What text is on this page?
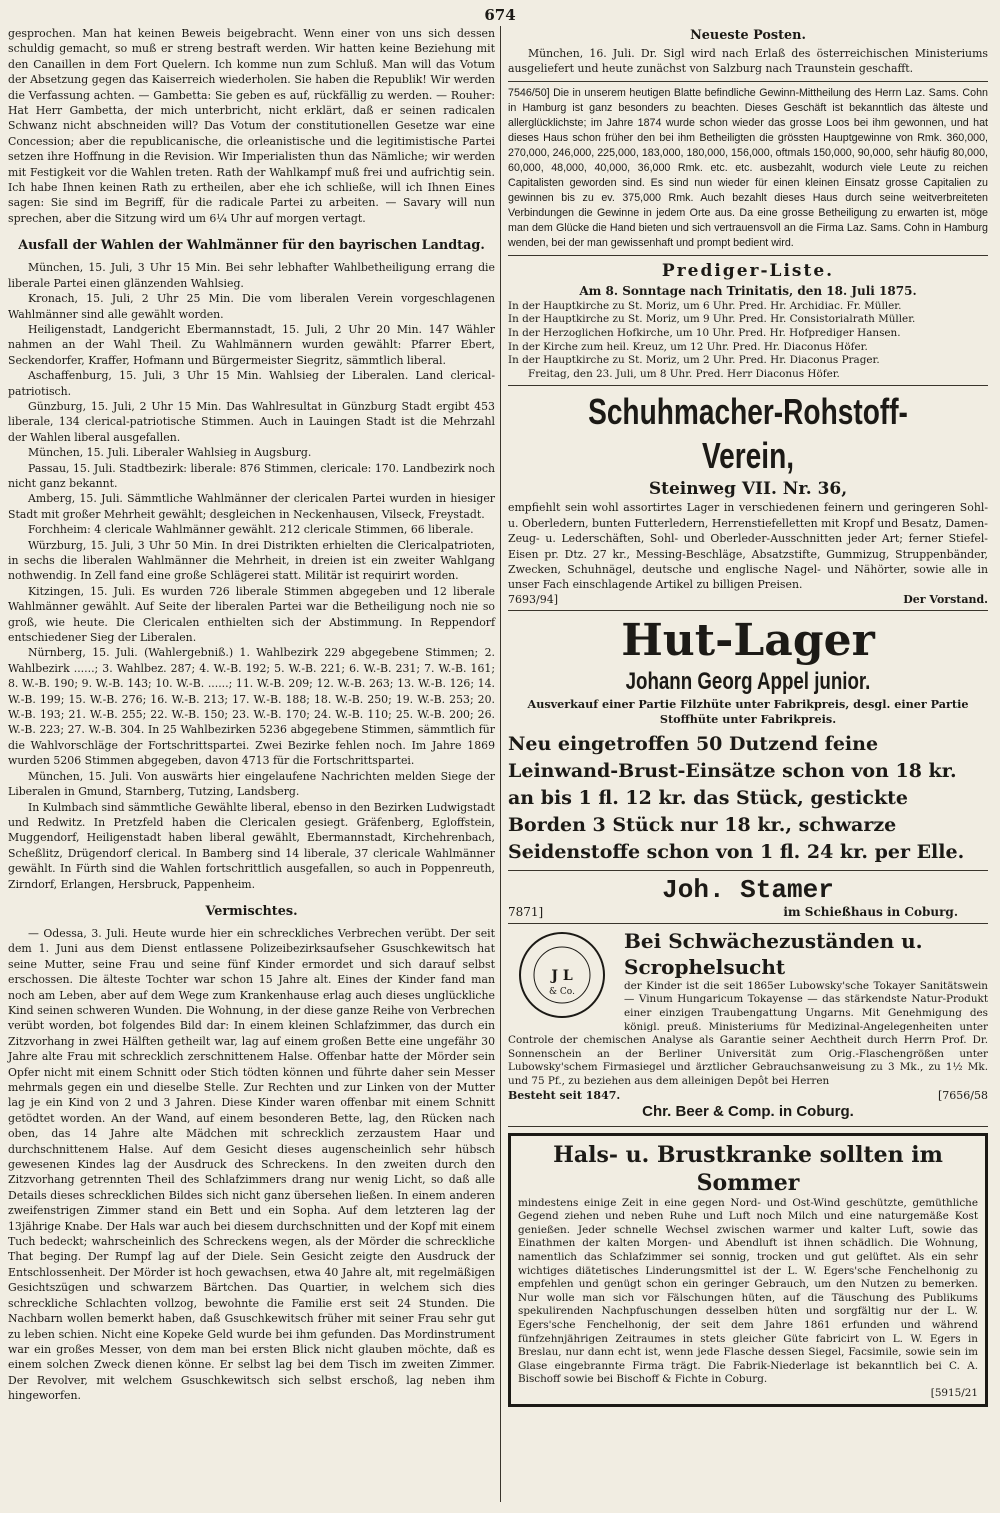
674

gesprochen. Man hat keinen Beweis beigebracht. Wenn einer von uns sich dessen schuldig gemacht, so muß er streng bestraft werden. Wir hatten keine Beziehung mit den Canaillen in dem Fort Quelern. Ich komme nun zum Schluß. Man will das Votum der Absetzung gegen das Kaiserreich wiederholen. Sie haben die Republik! Wir werden die Verfassung achten. — Gambetta: Sie geben es auf, rückfällig zu werden. — Rouher: Hat Herr Gambetta, der mich unterbricht, nicht erklärt, daß er seinen radicalen Schwanz nicht abschneiden will? Das Votum der constitutionellen Gesetze war eine Concession; aber die republicanische, die orleanistische und die legitimistische Partei setzen ihre Hoffnung in die Revision. Wir Imperialisten thun das Nämliche; wir werden mit Festigkeit vor die Wahlen treten. Rath der Wahlkampf muß frei und aufrichtig sein. Ich habe Ihnen keinen Rath zu ertheilen, aber ehe ich schließe, will ich Ihnen Eines sagen: Sie sind im Begriff, für die radicale Partei zu arbeiten. — Savary will nun sprechen, aber die Sitzung wird um 6¼ Uhr auf morgen vertagt.

Ausfall der Wahlen der Wahlmänner für den bayrischen Landtag.

München, 15. Juli, 3 Uhr 15 Min. Bei sehr lebhafter Wahlbetheiligung errang die liberale Partei einen glänzenden Wahlsieg.

Kronach, 15. Juli, 2 Uhr 25 Min. Die vom liberalen Verein vorgeschlagenen Wahlmänner sind alle gewählt worden.

Heiligenstadt, Landgericht Ebermannstadt, 15. Juli, 2 Uhr 20 Min. 147 Wähler nahmen an der Wahl Theil. Zu Wahlmännern wurden gewählt: Pfarrer Ebert, Seckendorfer, Kraffer, Hofmann und Bürgermeister Siegritz, sämmtlich liberal.

Aschaffenburg, 15. Juli, 3 Uhr 15 Min. Wahlsieg der Liberalen. Land clerical-patriotisch.

Günzburg, 15. Juli, 2 Uhr 15 Min. Das Wahlresultat in Günzburg Stadt ergibt 453 liberale, 134 clerical-patriotische Stimmen. Auch in Lauingen Stadt ist die Mehrzahl der Wahlen liberal ausgefallen.

München, 15. Juli. Liberaler Wahlsieg in Augsburg.

Passau, 15. Juli. Stadtbezirk: liberale: 876 Stimmen, clericale: 170. Landbezirk noch nicht ganz bekannt.

Amberg, 15. Juli. Sämmtliche Wahlmänner der clericalen Partei wurden in hiesiger Stadt mit großer Mehrheit gewählt; desgleichen in Neckenhausen, Vilseck, Freystadt.

Forchheim: 4 clericale Wahlmänner gewählt. 212 clericale Stimmen, 66 liberale.

Würzburg, 15. Juli, 3 Uhr 50 Min. In drei Distrikten erhielten die Clericalpatrioten, in sechs die liberalen Wahlmänner die Mehrheit, in dreien ist ein zweiter Wahlgang nothwendig. In Zell fand eine große Schlägerei statt. Militär ist requirirt worden.

Kitzingen, 15. Juli. Es wurden 726 liberale Stimmen abgegeben und 12 liberale Wahlmänner gewählt. Auf Seite der liberalen Partei war die Betheiligung noch nie so groß, wie heute. Die Clericalen enthielten sich der Abstimmung. In Reppendorf entschiedener Sieg der Liberalen.

Nürnberg, 15. Juli. (Wahlergebniß.) 1. Wahlbezirk 229 abgegebene Stimmen; 2. Wahlbezirk ......; 3. Wahlbez. 287; 4. W.-B. 192; 5. W.-B. 221; 6. W.-B. 231; 7. W.-B. 161; 8. W.-B. 190; 9. W.-B. 143; 10. W.-B. ......; 11. W.-B. 209; 12. W.-B. 263; 13. W.-B. 126; 14. W.-B. 199; 15. W.-B. 276; 16. W.-B. 213; 17. W.-B. 188; 18. W.-B. 250; 19. W.-B. 253; 20. W.-B. 193; 21. W.-B. 255; 22. W.-B. 150; 23. W.-B. 170; 24. W.-B. 110; 25. W.-B. 200; 26. W.-B. 223; 27. W.-B. 304. In 25 Wahlbezirken 5236 abgegebene Stimmen, sämmtlich für die Wahlvorschläge der Fortschrittspartei. Zwei Bezirke fehlen noch. Im Jahre 1869 wurden 5206 Stimmen abgegeben, davon 4713 für die Fortschrittspartei.

München, 15. Juli. Von auswärts hier eingelaufene Nachrichten melden Siege der Liberalen in Gmund, Starnberg, Tutzing, Landsberg.

In Kulmbach sind sämmtliche Gewählte liberal, ebenso in den Bezirken Ludwigstadt und Redwitz. In Pretzfeld haben die Clericalen gesiegt. Gräfenberg, Egloffstein, Muggendorf, Heiligenstadt haben liberal gewählt, Ebermannstadt, Kirchehrenbach, Scheßlitz, Drügendorf clerical. In Bamberg sind 14 liberale, 37 clericale Wahlmänner gewählt. In Fürth sind die Wahlen fortschrittlich ausgefallen, so auch in Poppenreuth, Zirndorf, Erlangen, Hersbruck, Pappenheim.

Vermischtes.

— Odessa, 3. Juli. Heute wurde hier ein schreckliches Verbrechen verübt. Der seit dem 1. Juni aus dem Dienst entlassene Polizeibezirksaufseher Gsuschkewitsch hat seine Mutter, seine Frau und seine fünf Kinder ermordet und sich darauf selbst erschossen. Die älteste Tochter war schon 15 Jahre alt. Eines der Kinder fand man noch am Leben, aber auf dem Wege zum Krankenhause erlag auch dieses unglückliche Kind seinen schweren Wunden. Die Wohnung, in der diese ganze Reihe von Verbrechen verübt worden, bot folgendes Bild dar: In einem kleinen Schlafzimmer, das durch ein Zitzvorhang in zwei Hälften getheilt war, lag auf einem großen Bette eine ungefähr 30 Jahre alte Frau mit schrecklich zerschnittenem Halse. Offenbar hatte der Mörder sein Opfer nicht mit einem Schnitt oder Stich tödten können und führte daher sein Messer mehrmals gegen ein und dieselbe Stelle. Zur Rechten und zur Linken von der Mutter lag je ein Kind von 2 und 3 Jahren. Diese Kinder waren offenbar mit einem Schnitt getödtet worden. An der Wand, auf einem besonderen Bette, lag, den Rücken nach oben, das 14 Jahre alte Mädchen mit schrecklich zerzaustem Haar und durchschnittenem Halse. Auf dem Gesicht dieses augenscheinlich sehr hübsch gewesenen Kindes lag der Ausdruck des Schreckens. In den zweiten durch den Zitzvorhang getrennten Theil des Schlafzimmers drang nur wenig Licht, so daß alle Details dieses schrecklichen Bildes sich nicht ganz übersehen ließen. In einem anderen zweifenstrigen Zimmer stand ein Bett und ein Sopha. Auf dem letzteren lag der 13jährige Knabe. Der Hals war auch bei diesem durchschnitten und der Kopf mit einem Tuch bedeckt; wahrscheinlich des Schreckens wegen, als der Mörder die schreckliche That beging. Der Rumpf lag auf der Diele. Sein Gesicht zeigte den Ausdruck der Entschlossenheit. Der Mörder ist hoch gewachsen, etwa 40 Jahre alt, mit regelmäßigen Gesichtszügen und schwarzem Bärtchen. Das Quartier, in welchem sich dies schreckliche Schlachten vollzog, bewohnte die Familie erst seit 24 Stunden. Die Nachbarn wollen bemerkt haben, daß Gsuschkewitsch früher mit seiner Frau sehr gut zu leben schien. Nicht eine Kopeke Geld wurde bei ihm gefunden. Das Mordinstrument war ein großes Messer, von dem man bei ersten Blick nicht glauben möchte, daß es einem solchen Zweck dienen könne. Er selbst lag bei dem Tisch im zweiten Zimmer. Der Revolver, mit welchem Gsuschkewitsch sich selbst erschoß, lag neben ihm hingeworfen.

Neueste Posten.

München, 16. Juli. Dr. Sigl wird nach Erlaß des österreichischen Ministeriums ausgeliefert und heute zunächst von Salzburg nach Traunstein geschafft.

7546/50] Die in unserem heutigen Blatte befindliche Gewinn-Mittheilung des Herrn Laz. Sams. Cohn in Hamburg ist ganz besonders zu beachten. Dieses Geschäft ist bekanntlich das älteste und allerglücklichste; im Jahre 1874 wurde schon wieder das grosse Loos bei ihm gewonnen, und hat dieses Haus schon früher den bei ihm Betheiligten die grössten Hauptgewinne von Rmk. 360,000, 270,000, 246,000, 225,000, 183,000, 180,000, 156,000, oftmals 150,000, 90,000, sehr häufig 80,000, 60,000, 48,000, 40,000, 36,000 Rmk. etc. etc. ausbezahlt, wodurch viele Leute zu reichen Capitalisten geworden sind. Es sind nun wieder für einen kleinen Einsatz grosse Capitalien zu gewinnen bis zu ev. 375,000 Rmk. Auch bezahlt dieses Haus durch seine weitverbreiteten Verbindungen die Gewinne in jedem Orte aus. Da eine grosse Betheiligung zu erwarten ist, möge man dem Glücke die Hand bieten und sich vertrauensvoll an die Firma Laz. Sams. Cohn in Hamburg wenden, bei der man gewissenhaft und prompt bedient wird.

Prediger-Liste.
Am 8. Sonntage nach Trinitatis, den 18. Juli 1875.

In der Hauptkirche zu St. Moriz, um 6 Uhr. Pred. Hr. Archidiac. Fr. Müller.

In der Hauptkirche zu St. Moriz, um 9 Uhr. Pred. Hr. Consistorialrath Müller.

In der Herzoglichen Hofkirche, um 10 Uhr. Pred. Hr. Hofprediger Hansen.

In der Kirche zum heil. Kreuz, um 12 Uhr. Pred. Hr. Diaconus Höfer.

In der Hauptkirche zu St. Moriz, um 2 Uhr. Pred. Hr. Diaconus Prager.

Freitag, den 23. Juli, um 8 Uhr. Pred. Herr Diaconus Höfer.

Schuhmacher-Rohstoff-Verein,
Steinweg VII. Nr. 36,

empfiehlt sein wohl assortirtes Lager in verschiedenen feinern und geringeren Sohl- u. Oberledern, bunten Futterledern, Herrenstiefelletten mit Kropf und Besatz, Damen-Zeug- u. Lederschäften, Sohl- und Oberleder-Ausschnitten jeder Art; ferner Stiefel-Eisen pr. Dtz. 27 kr., Messing-Beschläge, Absatzstifte, Gummizug, Struppenbänder, Zwecken, Schuhnägel, deutsche und englische Nagel- und Nähörter, sowie alle in unser Fach einschlagende Artikel zu billigen Preisen.

7693/94]	Der Vorstand.
Hut-Lager
Johann Georg Appel junior.

Ausverkauf einer Partie Filzhüte unter Fabrikpreis, desgl. einer Partie Stoffhüte unter Fabrikpreis.

Neu eingetroffen 50 Dutzend feine Leinwand-Brust-Einsätze schon von 18 kr. an bis 1 fl. 12 kr. das Stück, gestickte Borden 3 Stück nur 18 kr., schwarze Seidenstoffe schon von 1 fl. 24 kr. per Elle.

Joh. Stamer
7871]	im Schießhaus in Coburg.
J L
& Co.
Bei Schwächezuständen u. Scrophelsucht

der Kinder ist die seit 1865er Lubowsky'sche Tokayer Sanitätswein — Vinum Hungaricum Tokayense — das stärkendste Natur-Produkt einer einzigen Traubengattung Ungarns. Mit Genehmigung des königl. preuß. Ministeriums für Medizinal-Angelegenheiten unter Controle der chemischen Analyse als Garantie seiner Aechtheit durch Herrn Prof. Dr. Sonnenschein an der Berliner Universität zum Orig.-Flaschengrößen unter Lubowsky'schem Firmasiegel und ärztlicher Gebrauchsanweisung zu 3 Mk., zu 1½ Mk. und 75 Pf., zu beziehen aus dem alleinigen Depôt bei Herren

Besteht seit 1847.	[7656/58
Chr. Beer & Comp. in Coburg.
Hals- u. Brustkranke sollten im Sommer

mindestens einige Zeit in eine gegen Nord- und Ost-Wind geschützte, gemüthliche Gegend ziehen und neben Ruhe und Luft noch Milch und eine naturgemäße Kost genießen. Jeder schnelle Wechsel zwischen warmer und kalter Luft, sowie das Einathmen der kalten Morgen- und Abendluft ist ihnen schädlich. Die Wohnung, namentlich das Schlafzimmer sei sonnig, trocken und gut gelüftet. Als ein sehr wichtiges diätetisches Linderungsmittel ist der L. W. Egers'sche Fenchelhonig zu empfehlen und genügt schon ein geringer Gebrauch, um den Nutzen zu bemerken. Nur wolle man sich vor Fälschungen hüten, auf die Täuschung des Publikums spekulirenden Nachpfuschungen desselben hüten und sorgfältig nur der L. W. Egers'sche Fenchelhonig, der seit dem Jahre 1861 erfunden und während fünfzehnjährigen Zeitraumes in stets gleicher Güte fabricirt von L. W. Egers in Breslau, nur dann echt ist, wenn jede Flasche dessen Siegel, Facsimile, sowie sein im Glase eingebrannte Firma trägt. Die Fabrik-Niederlage ist bekanntlich bei C. A. Bischoff sowie bei Bischoff & Fichte in Coburg.

[5915/21
